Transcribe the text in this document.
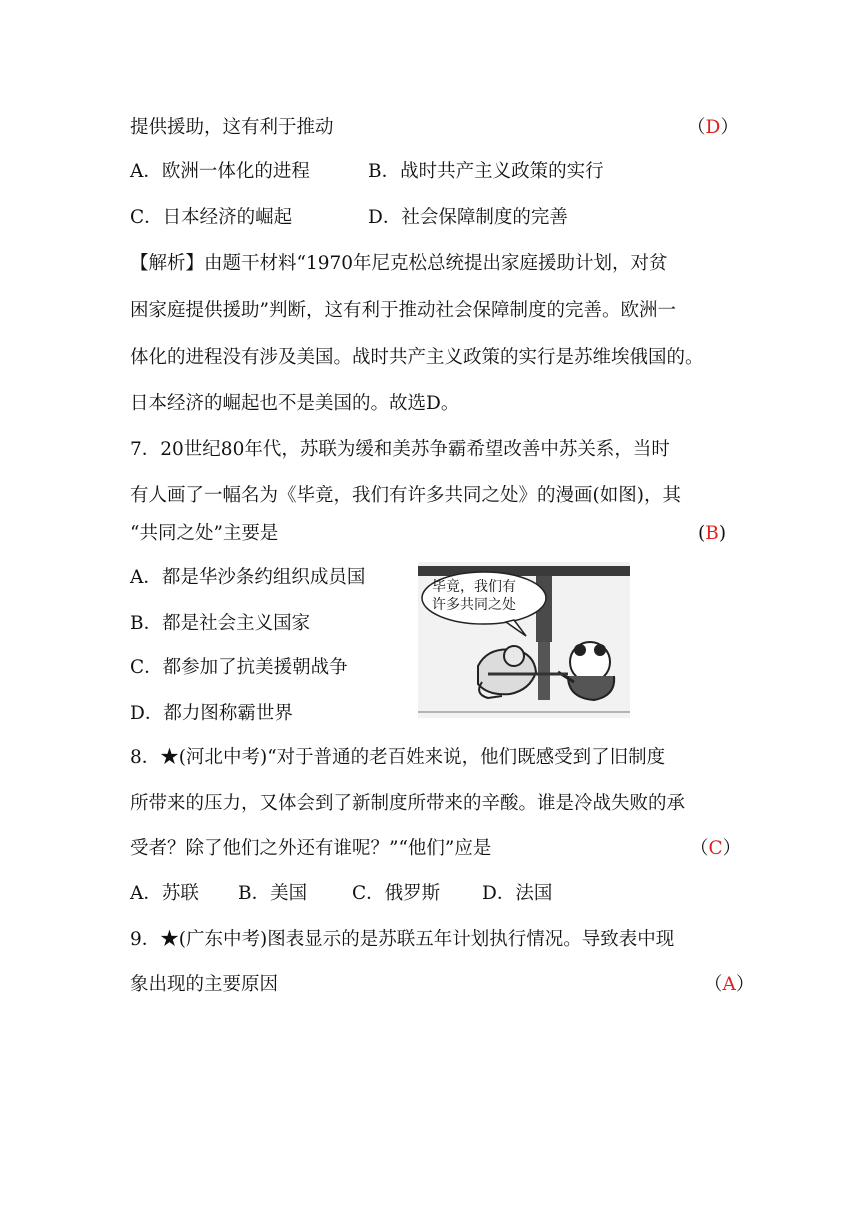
提供援助，这有利于推动	（D）
A．欧洲一体化的进程	B．战时共产主义政策的实行
C．日本经济的崛起	D．社会保障制度的完善
【解析】由题干材料“1970年尼克松总统提出家庭援助计划，对贫
困家庭提供援助”判断，这有利于推动社会保障制度的完善。欧洲一
体化的进程没有涉及美国。战时共产主义政策的实行是苏维埃俄国的。
日本经济的崛起也不是美国的。故选D。
7．20世纪80年代，苏联为缓和美苏争霸希望改善中苏关系，当时
有人画了一幅名为《毕竟，我们有许多共同之处》的漫画(如图)，其
“共同之处”主要是	(B)
A．都是华沙条约组织成员国
B．都是社会主义国家
C．都参加了抗美援朝战争
D．都力图称霸世界
毕竟，我们有
许多共同之处
8．★(河北中考)“对于普通的老百姓来说，他们既感受到了旧制度
所带来的压力，又体会到了新制度所带来的辛酸。谁是冷战失败的承
受者？除了他们之外还有谁呢？”“他们”应是	（C）
A．苏联 B．美国 C．俄罗斯 D．法国
9．★(广东中考)图表显示的是苏联五年计划执行情况。导致表中现
象出现的主要原因	（A）
